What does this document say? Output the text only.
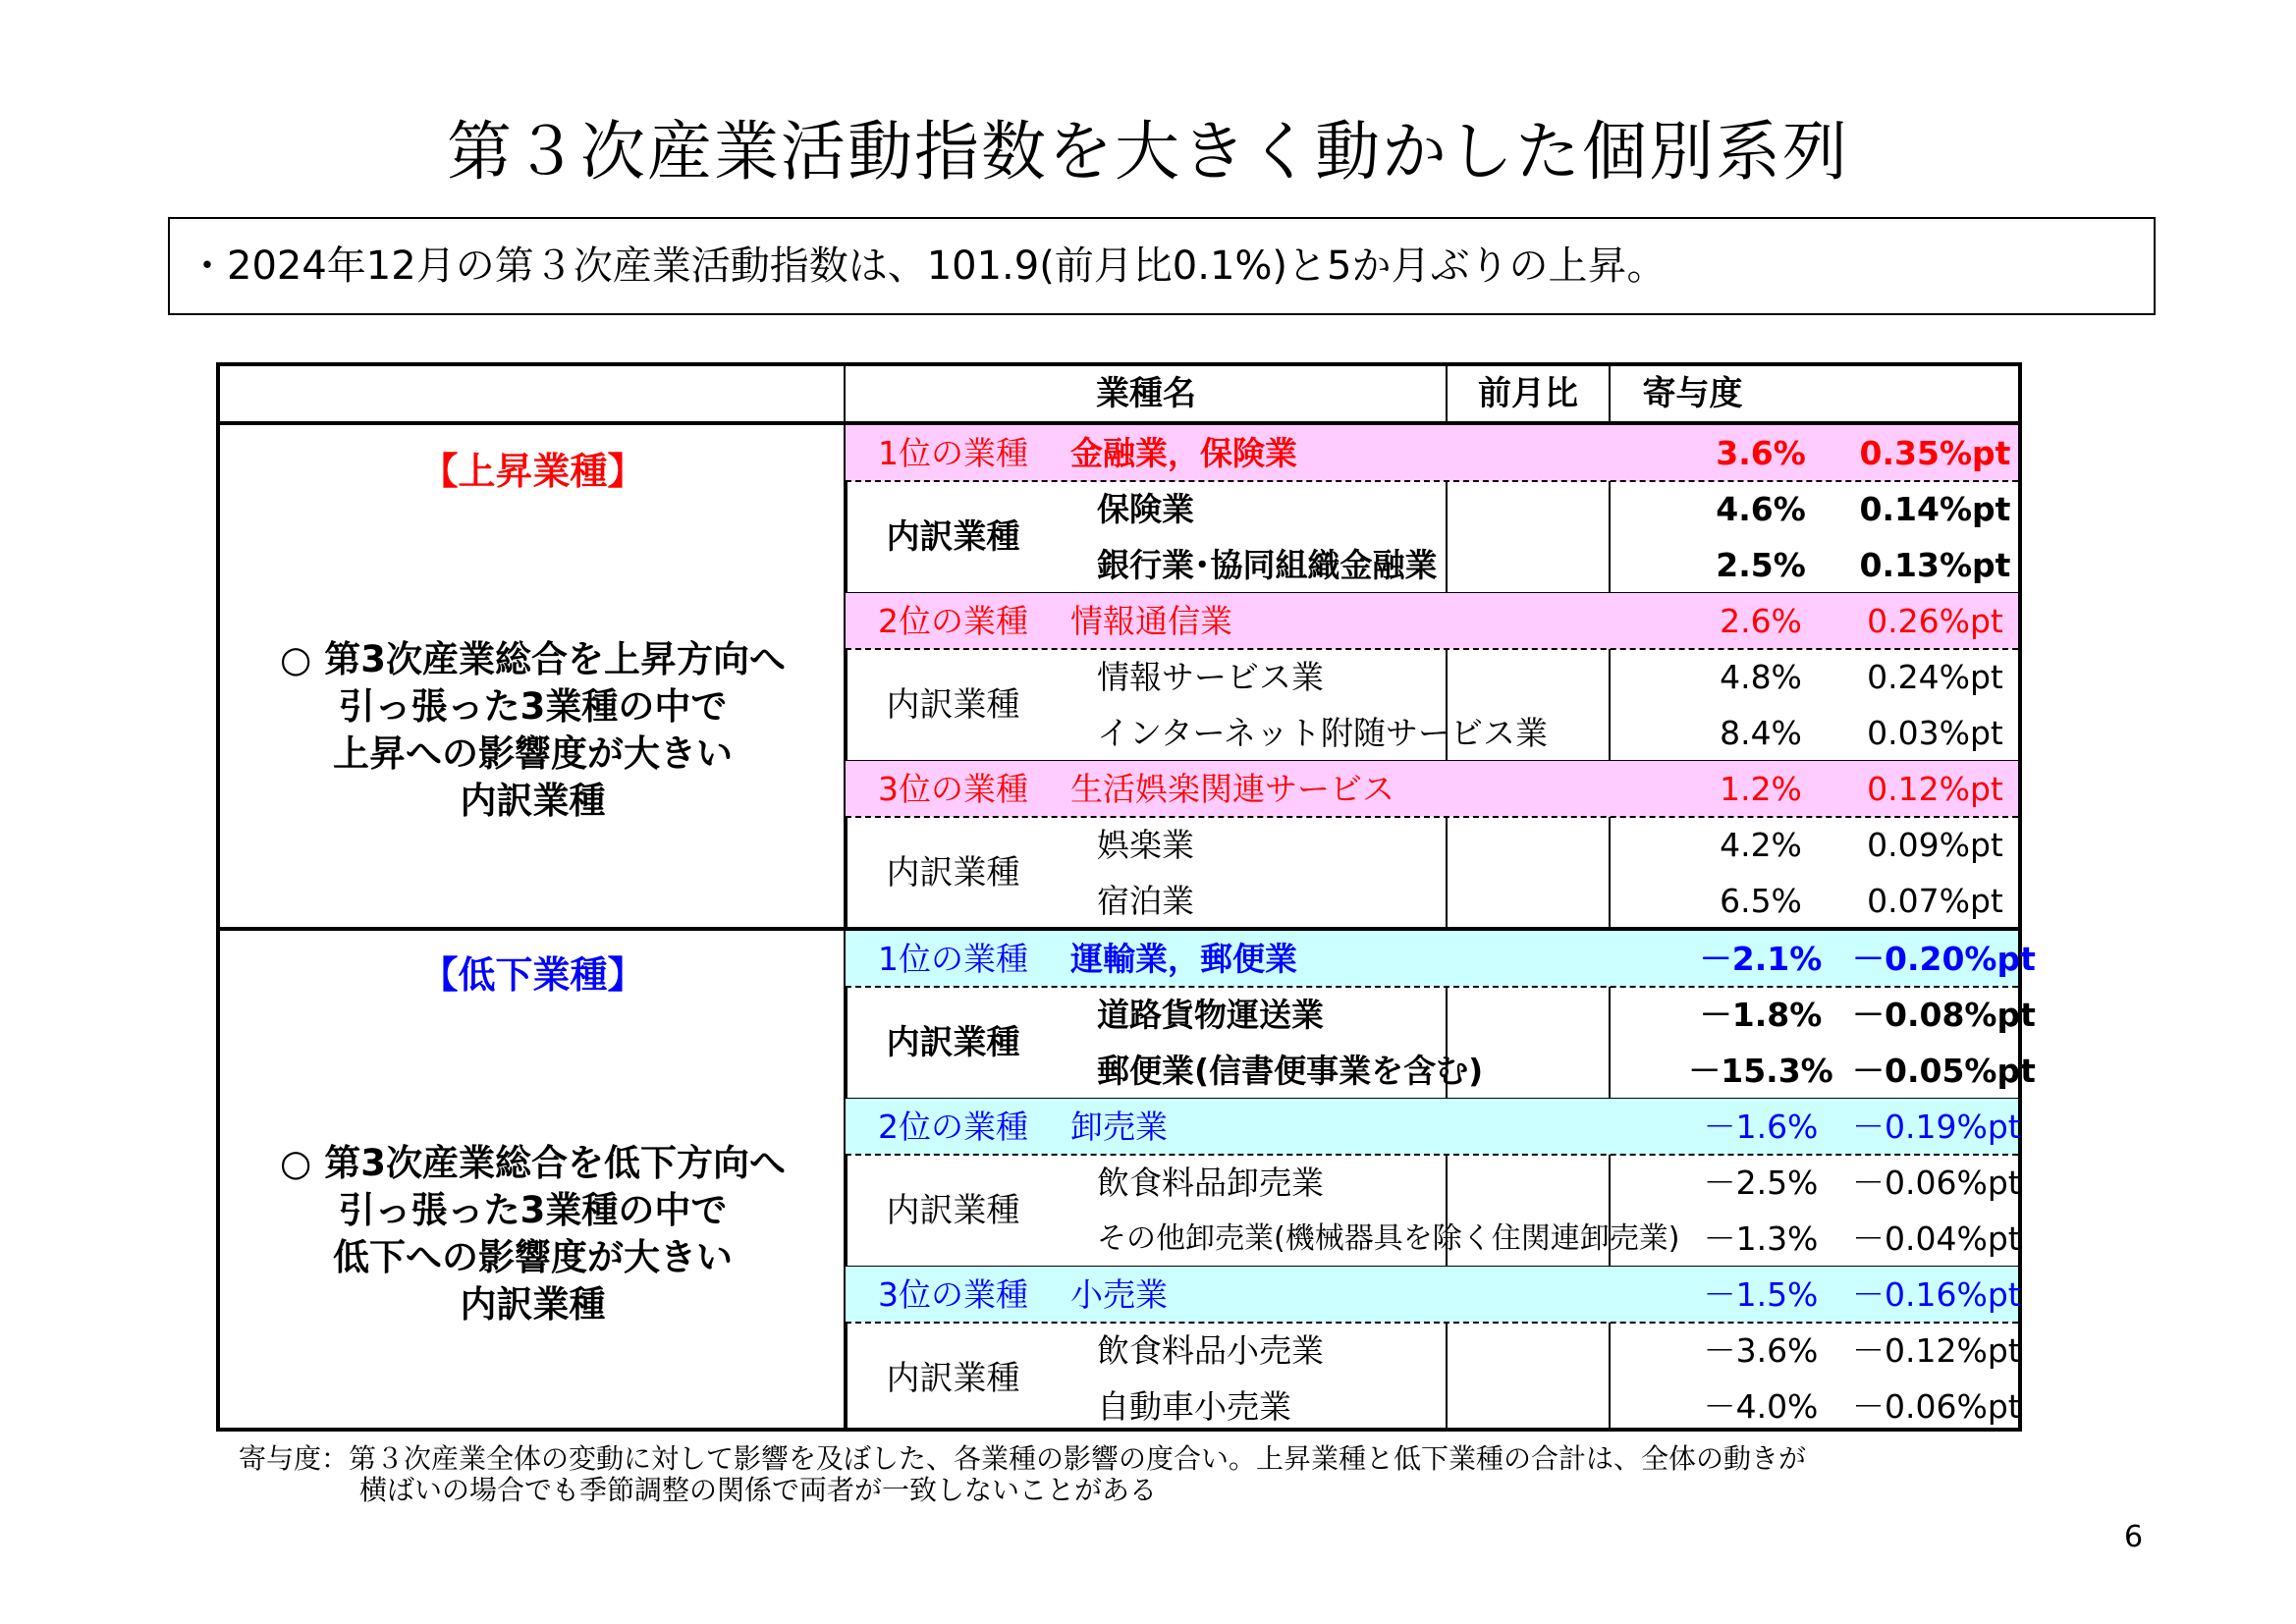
第３次産業活動指数を大きく動かした個別系列
・2024年12月の第３次産業活動指数は、101.9(前月比0.1%)と5か月ぶりの上昇。
業種名	前月比	寄与度
【上昇業種】
○ 第3次産業総合を上昇方向へ
引っ張った3業種の中で
上昇への影響度が大きい
内訳業種
1位の業種	金融業，保険業	3.6%	0.35%pt
内訳業種
保険業	4.6%	0.14%pt
銀行業･協同組織金融業	2.5%	0.13%pt
2位の業種	情報通信業	2.6%	0.26%pt
内訳業種
情報サービス業	4.8%	0.24%pt
インターネット附随サービス業	8.4%	0.03%pt
3位の業種	生活娯楽関連サービス	1.2%	0.12%pt
内訳業種
娯楽業	4.2%	0.09%pt
宿泊業	6.5%	0.07%pt
【低下業種】
○ 第3次産業総合を低下方向へ
引っ張った3業種の中で
低下への影響度が大きい
内訳業種
1位の業種	運輸業，郵便業	－2.1% －0.20%pt
内訳業種
道路貨物運送業	－1.8% －0.08%pt
郵便業(信書便事業を含む)	－15.3% －0.05%pt
2位の業種	卸売業	－1.6%	－0.19%pt
内訳業種
飲食料品卸売業	－2.5%	－0.06%pt
その他卸売業(機械器具を除く住関連卸売業) －1.3%	－0.04%pt
3位の業種	小売業	－1.5%	－0.16%pt
内訳業種
飲食料品小売業	－3.6%	－0.12%pt
自動車小売業	－4.0%	－0.06%pt
寄与度：第３次産業全体の変動に対して影響を及ぼした、各業種の影響の度合い。上昇業種と低下業種の合計は、全体の動きが
横ばいの場合でも季節調整の関係で両者が一致しないことがある
6
